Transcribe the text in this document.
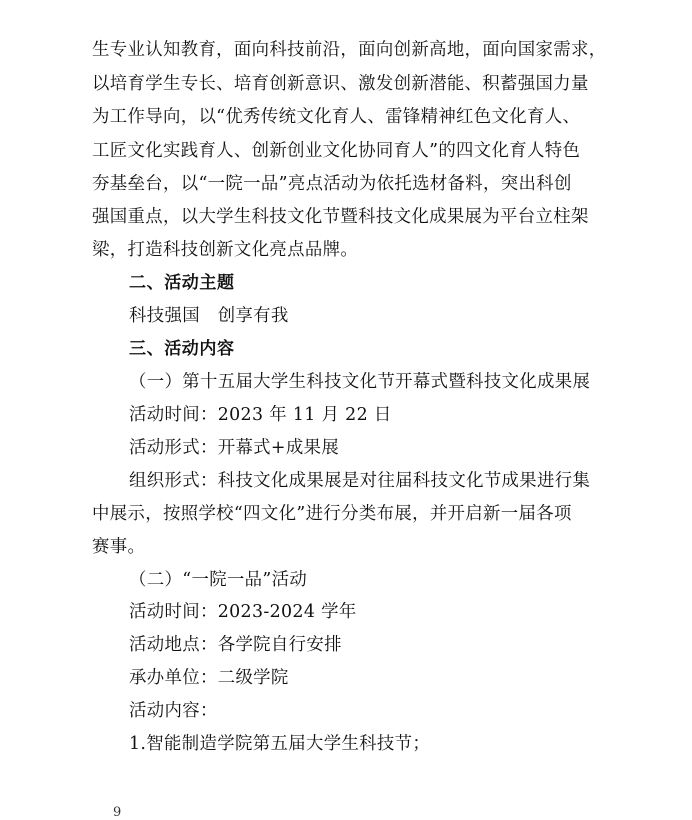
生专业认知教育，面向科技前沿，面向创新高地，面向国家需求，
以培育学生专长、培育创新意识、激发创新潜能、积蓄强国力量
为工作导向，以“优秀传统文化育人、雷锋精神红色文化育人、
工匠文化实践育人、创新创业文化协同育人”的四文化育人特色
夯基垒台，以“一院一品”亮点活动为依托选材备料，突出科创
强国重点，以大学生科技文化节暨科技文化成果展为平台立柱架
梁，打造科技创新文化亮点品牌。
二、活动主题
科技强国　创享有我
三、活动内容
（一）第十五届大学生科技文化节开幕式暨科技文化成果展
活动时间：2023 年 11 月 22 日
活动形式：开幕式+成果展
组织形式：科技文化成果展是对往届科技文化节成果进行集
中展示，按照学校“四文化”进行分类布展，并开启新一届各项
赛事。
（二）“一院一品”活动
活动时间：2023-2024 学年
活动地点：各学院自行安排
承办单位：二级学院
活动内容：
1.智能制造学院第五届大学生科技节；
9
